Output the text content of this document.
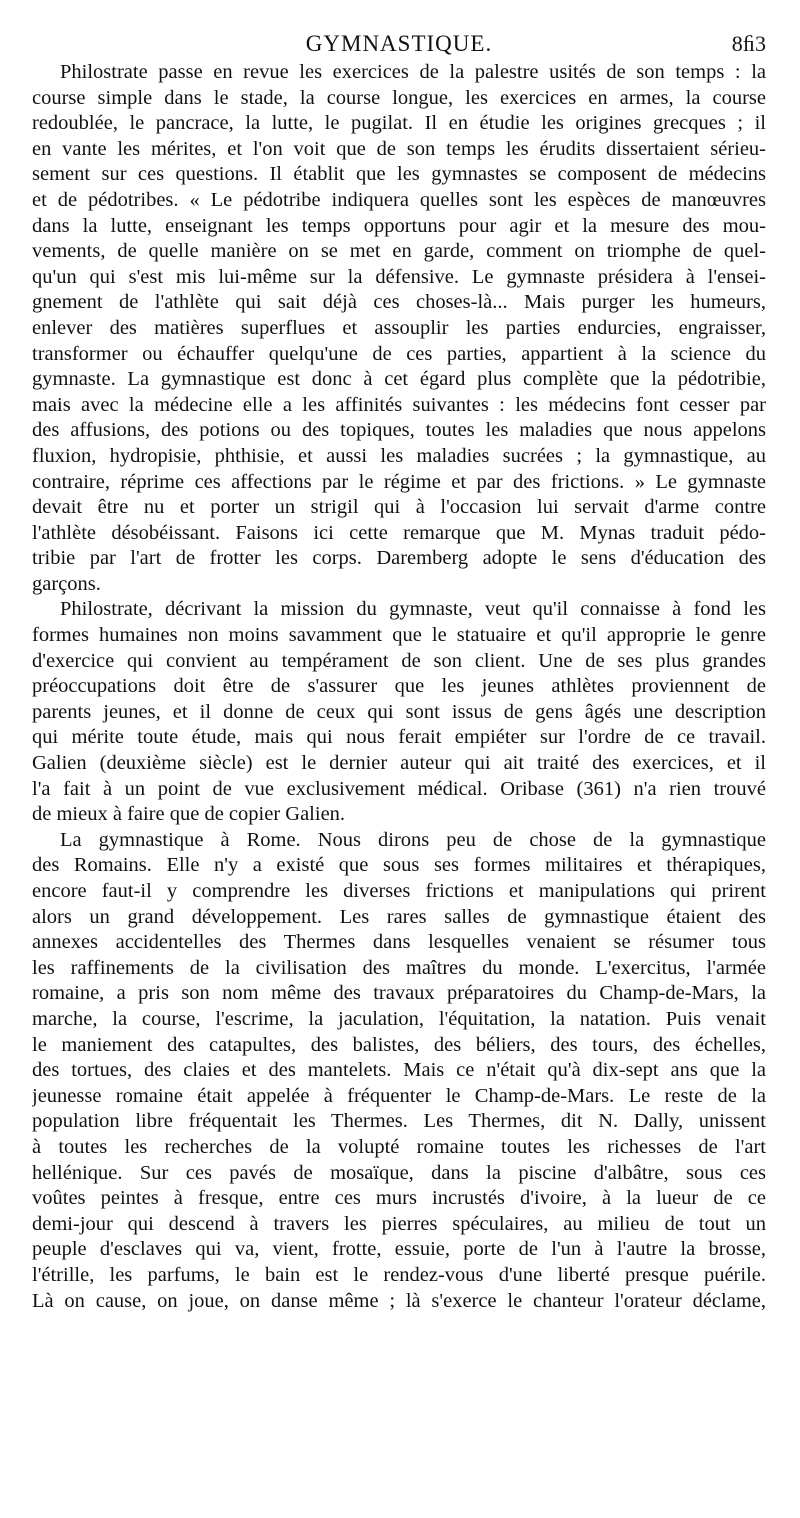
GYMNASTIQUE.	8ﬁ3
Philostrate passe en revue les exercices de la palestre usités de son temps : la
course simple dans le stade, la course longue, les exercices en armes, la course
redoublée, le pancrace, la lutte, le pugilat. Il en étudie les origines grecques ; il
en vante les mérites, et l'on voit que de son temps les érudits dissertaient sérieu-
sement sur ces questions. Il établit que les gymnastes se composent de médecins
et de pédotribes. « Le pédotribe indiquera quelles sont les espèces de manœuvres
dans la lutte, enseignant les temps opportuns pour agir et la mesure des mou-
vements, de quelle manière on se met en garde, comment on triomphe de quel-
qu'un qui s'est mis lui-même sur la défensive. Le gymnaste présidera à l'ensei-
gnement de l'athlète qui sait déjà ces choses-là... Mais purger les humeurs,
enlever des matières superflues et assouplir les parties endurcies, engraisser,
transformer ou échauffer quelqu'une de ces parties, appartient à la science du
gymnaste. La gymnastique est donc à cet égard plus complète que la pédotribie,
mais avec la médecine elle a les affinités suivantes : les médecins font cesser par
des affusions, des potions ou des topiques, toutes les maladies que nous appelons
fluxion, hydropisie, phthisie, et aussi les maladies sucrées ; la gymnastique, au
contraire, réprime ces affections par le régime et par des frictions. » Le gymnaste
devait être nu et porter un strigil qui à l'occasion lui servait d'arme contre
l'athlète désobéissant. Faisons ici cette remarque que M. Mynas traduit pédo-
tribie par l'art de frotter les corps. Daremberg adopte le sens d'éducation des
garçons.
Philostrate, décrivant la mission du gymnaste, veut qu'il connaisse à fond les
formes humaines non moins savamment que le statuaire et qu'il approprie le genre
d'exercice qui convient au tempérament de son client. Une de ses plus grandes
préoccupations doit être de s'assurer que les jeunes athlètes proviennent de
parents jeunes, et il donne de ceux qui sont issus de gens âgés une description
qui mérite toute étude, mais qui nous ferait empiéter sur l'ordre de ce travail.
Galien (deuxième siècle) est le dernier auteur qui ait traité des exercices, et il
l'a fait à un point de vue exclusivement médical. Oribase (361) n'a rien trouvé
de mieux à faire que de copier Galien.
La gymnastique à Rome. Nous dirons peu de chose de la gymnastique
des Romains. Elle n'y a existé que sous ses formes militaires et thérapiques,
encore faut-il y comprendre les diverses frictions et manipulations qui prirent
alors un grand développement. Les rares salles de gymnastique étaient des
annexes accidentelles des Thermes dans lesquelles venaient se résumer tous
les raffinements de la civilisation des maîtres du monde. L'exercitus, l'armée
romaine, a pris son nom même des travaux préparatoires du Champ-de-Mars, la
marche, la course, l'escrime, la jaculation, l'équitation, la natation. Puis venait
le maniement des catapultes, des balistes, des béliers, des tours, des échelles,
des tortues, des claies et des mantelets. Mais ce n'était qu'à dix-sept ans que la
jeunesse romaine était appelée à fréquenter le Champ-de-Mars. Le reste de la
population libre fréquentait les Thermes. Les Thermes, dit N. Dally, unissent
à toutes les recherches de la volupté romaine toutes les richesses de l'art
hellénique. Sur ces pavés de mosaïque, dans la piscine d'albâtre, sous ces
voûtes peintes à fresque, entre ces murs incrustés d'ivoire, à la lueur de ce
demi-jour qui descend à travers les pierres spéculaires, au milieu de tout un
peuple d'esclaves qui va, vient, frotte, essuie, porte de l'un à l'autre la brosse,
l'étrille, les parfums, le bain est le rendez-vous d'une liberté presque puérile.
Là on cause, on joue, on danse même ; là s'exerce le chanteur l'orateur déclame,
